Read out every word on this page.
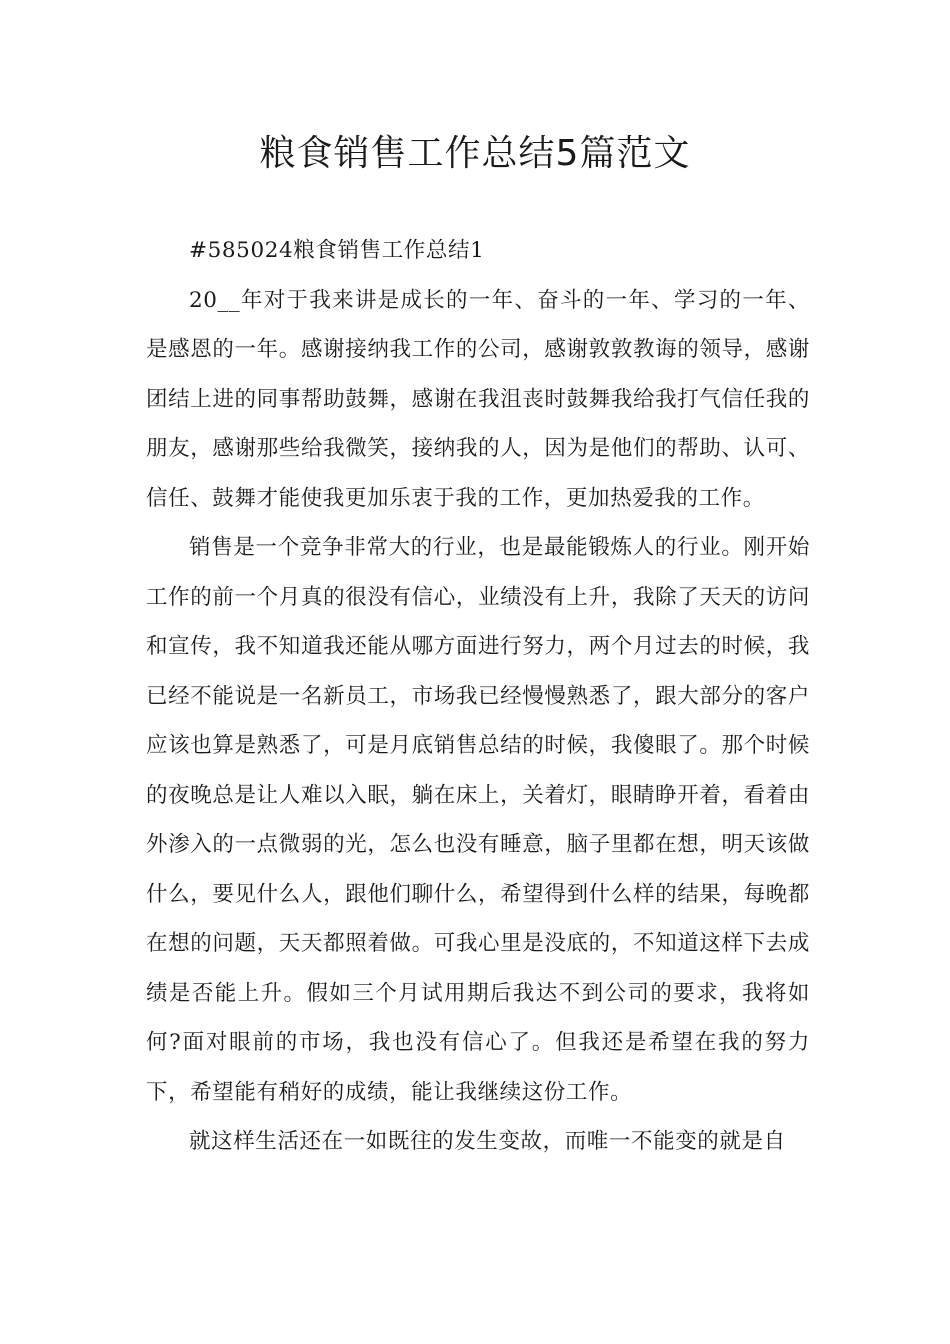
粮食销售工作总结5篇范文

#585024粮食销售工作总结1

20__年对于我来讲是成长的一年、奋斗的一年、学习的一年、是感恩的一年。感谢接纳我工作的公司，感谢敦敦教诲的领导，感谢团结上进的同事帮助鼓舞，感谢在我沮丧时鼓舞我给我打气信任我的朋友，感谢那些给我微笑，接纳我的人，因为是他们的帮助、认可、信任、鼓舞才能使我更加乐衷于我的工作，更加热爱我的工作。

销售是一个竞争非常大的行业，也是最能锻炼人的行业。刚开始工作的前一个月真的很没有信心，业绩没有上升，我除了天天的访问和宣传，我不知道我还能从哪方面进行努力，两个月过去的时候，我已经不能说是一名新员工，市场我已经慢慢熟悉了，跟大部分的客户应该也算是熟悉了，可是月底销售总结的时候，我傻眼了。那个时候的夜晚总是让人难以入眠，躺在床上，关着灯，眼睛睁开着，看着由外渗入的一点微弱的光，怎么也没有睡意，脑子里都在想，明天该做什么，要见什么人，跟他们聊什么，希望得到什么样的结果，每晚都在想的问题，天天都照着做。可我心里是没底的，不知道这样下去成绩是否能上升。假如三个月试用期后我达不到公司的要求，我将如何?面对眼前的市场，我也没有信心了。但我还是希望在我的努力下，希望能有稍好的成绩，能让我继续这份工作。

就这样生活还在一如既往的发生变故，而唯一不能变的就是自
